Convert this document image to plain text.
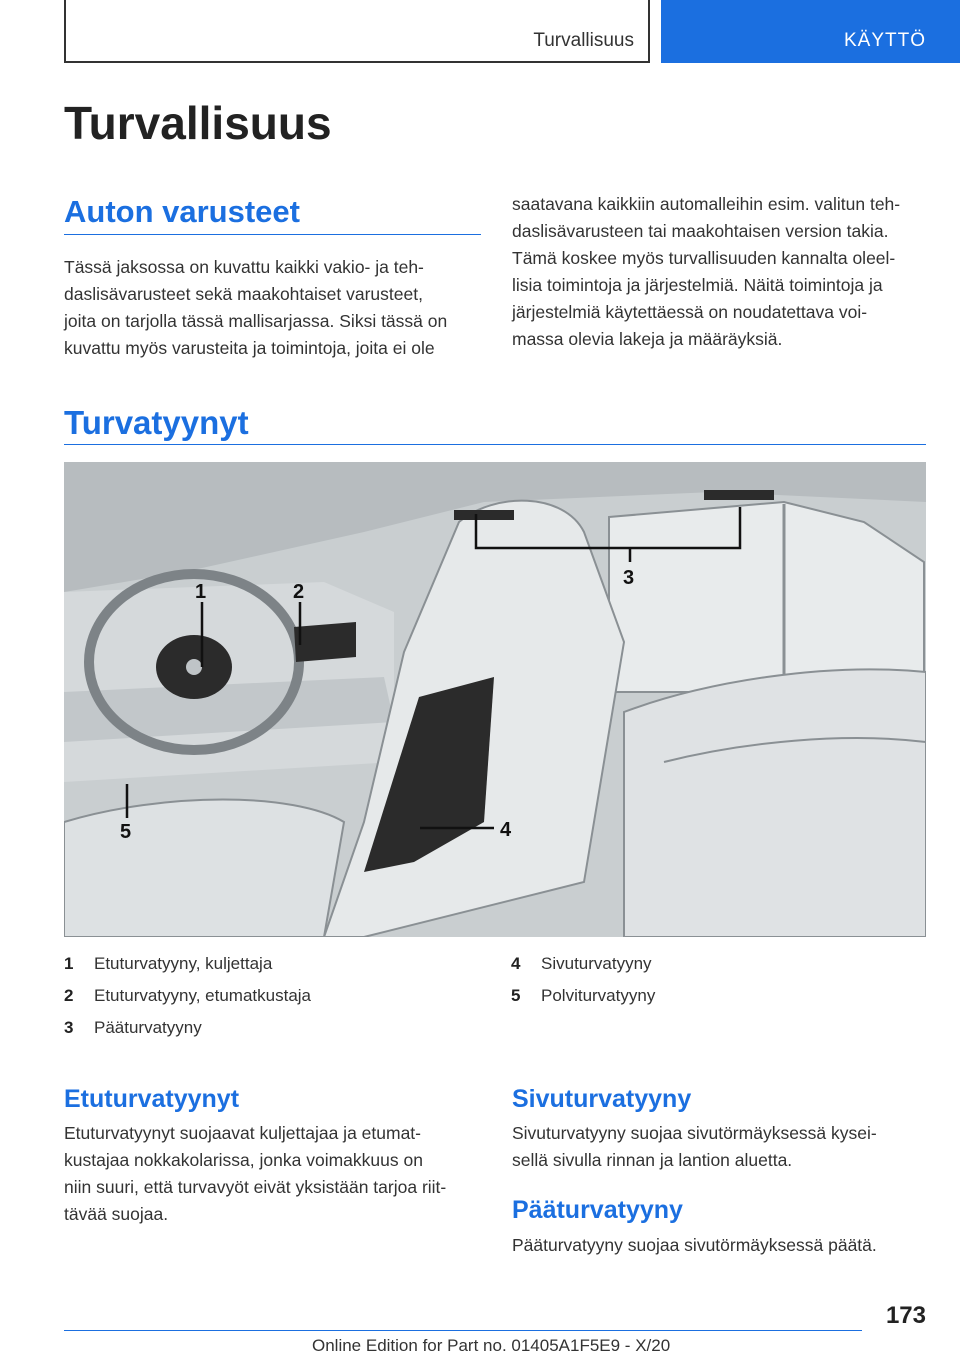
Turvallisuus	KÄYTTÖ
Turvallisuus
Auton varusteet
Tässä jaksossa on kuvattu kaikki vakio- ja teh-
daslisävarusteet sekä maakohtaiset varusteet,
joita on tarjolla tässä mallisarjassa. Siksi tässä on
kuvattu myös varusteita ja toimintoja, joita ei ole
saatavana kaikkiin automalleihin esim. valitun teh-
daslisävarusteen tai maakohtaisen version takia.
Tämä koskee myös turvallisuuden kannalta oleel-
lisia toimintoja ja järjestelmiä. Näitä toimintoja ja
järjestelmiä käytettäessä on noudatettava voi-
massa olevia lakeja ja määräyksiä.
Turvatyynyt
1	2
3
4
5
1	Etuturvatyyny, kuljettaja
2	Etuturvatyyny, etumatkustaja
3	Pääturvatyyny
4	Sivuturvatyyny
5	Polviturvatyyny
Etuturvatyynyt
Etuturvatyynyt suojaavat kuljettajaa ja etumat-
kustajaa nokkakolarissa, jonka voimakkuus on
niin suuri, että turvavyöt eivät yksistään tarjoa riit-
tävää suojaa.
Sivuturvatyyny
Sivuturvatyyny suojaa sivutörmäyksessä kysei-
sellä sivulla rinnan ja lantion aluetta.
Pääturvatyyny
Pääturvatyyny suojaa sivutörmäyksessä päätä.
173
Online Edition for Part no. 01405A1F5E9 - X/20
